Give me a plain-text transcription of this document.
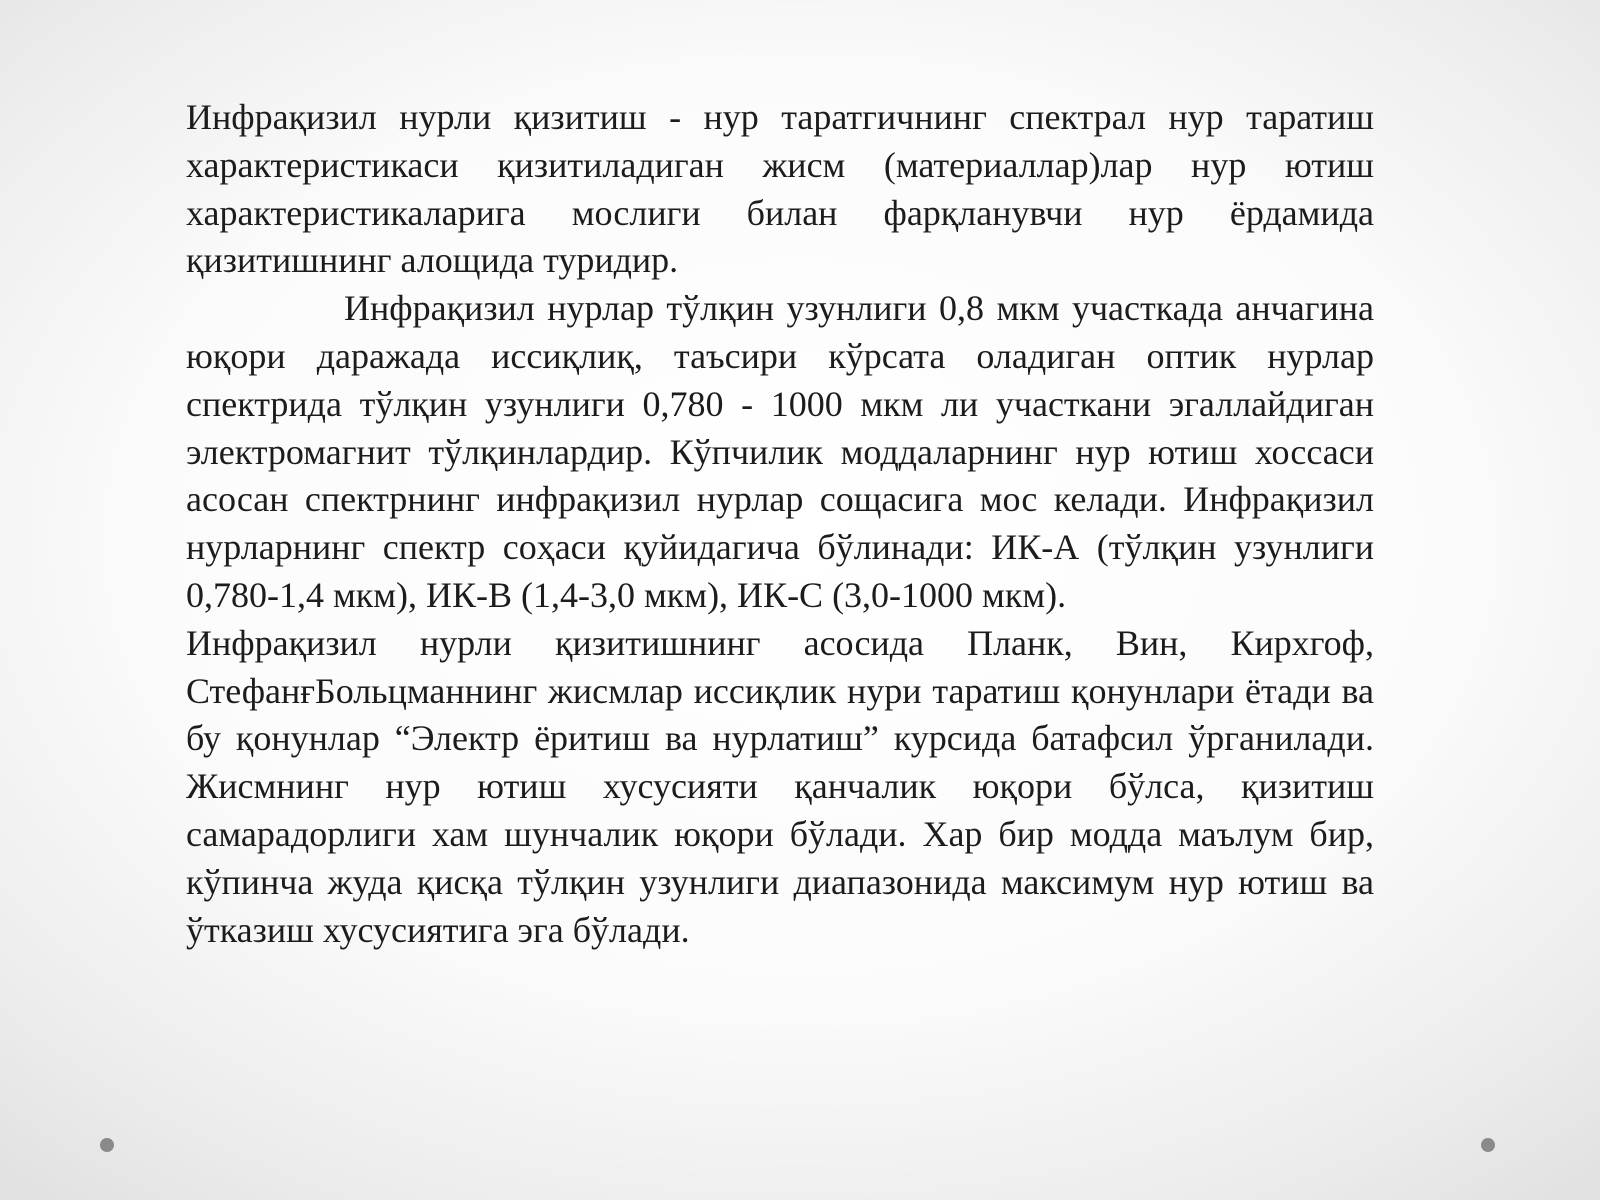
Инфрақизил нурли қизитиш - нур таратгичнинг спектрал нур таратиш характеристикаси қизитиладиган жисм (материаллар)лар нур ютиш характеристикаларига мослиги билан фарқланувчи нур ёрдамида қизитишнинг алощида туридир.

Инфрақизил нурлар тўлқин узунлиги 0,8 мкм участкада анчагина юқори даражада иссиқлиқ, таъсири кўрсата оладиган оптик нурлар спектрида тўлқин узунлиги 0,780 - 1000 мкм ли участкани эгаллайдиган электромагнит тўлқинлардир. Кўпчилик моддаларнинг нур ютиш хоссаси асосан спектрнинг инфрақизил нурлар сощасига мос келади. Инфрақизил нурларнинг спектр соҳаси қуйидагича бўлинади: ИК-А (тўлқин узунлиги 0,780-1,4 мкм), ИК-В (1,4-3,0 мкм), ИК-С (3,0-1000 мкм).

Инфрақизил нурли қизитишнинг асосида Планк, Вин, Кирхгоф, СтефанғБольцманнинг жисмлар иссиқлик нури таратиш қонунлари ётади ва бу қонунлар “Электр ёритиш ва нурлатиш” курсида батафсил ўрганилади. Жисмнинг нур ютиш хусусияти қанчалик юқори бўлса, қизитиш самарадорлиги хам шунчалик юқори бўлади. Хар бир модда маълум бир, кўпинча жуда қисқа тўлқин узунлиги диапазонида максимум нур ютиш ва ўтказиш хусусиятига эга бўлади.
